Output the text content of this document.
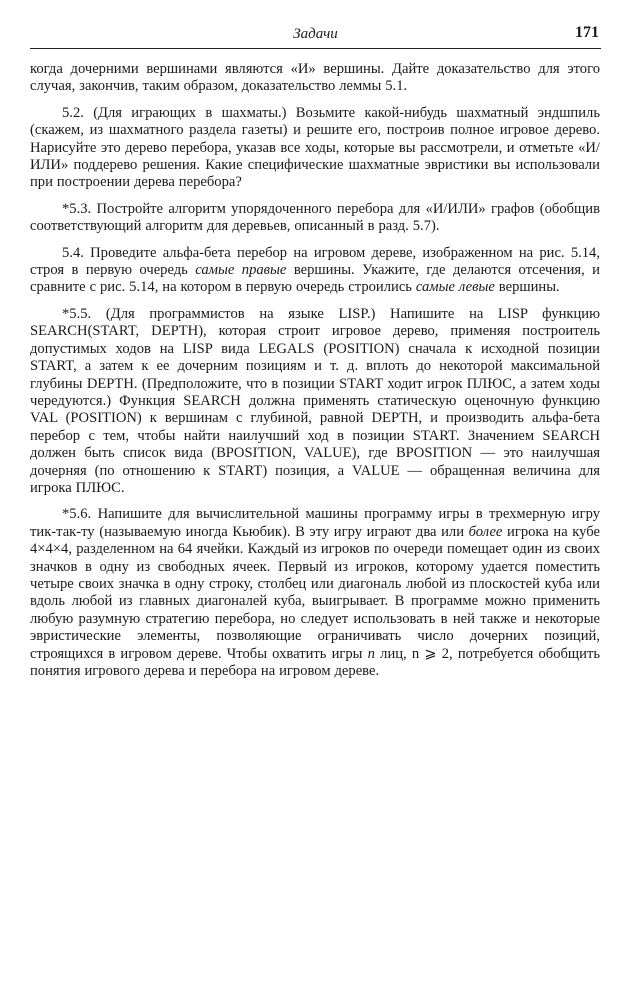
Задачи	171

когда дочерними вершинами являются «И» вершины. Дайте доказательство для этого случая, закончив, таким образом, доказательство леммы 5.1.

5.2. (Для играющих в шахматы.) Возьмите какой-нибудь шахматный эндшпиль (скажем, из шахматного раздела газеты) и решите его, построив полное игровое дерево. Нарисуйте это дерево перебора, указав все ходы, которые вы рассмотрели, и отметьте «И/ИЛИ» поддерево решения. Какие специфические шахматные эвристики вы использовали при построении дерева перебора?

*5.3. Постройте алгоритм упорядоченного перебора для «И/ИЛИ» графов (обобщив соответствующий алгоритм для деревьев, описанный в разд. 5.7).

5.4. Проведите альфа-бета перебор на игровом дереве, изображенном на рис. 5.14, строя в первую очередь самые правые вершины. Укажите, где делаются отсечения, и сравните с рис. 5.14, на котором в первую очередь строились самые левые вершины.

*5.5. (Для программистов на языке LISP.) Напишите на LISP функцию SEARCH(START, DEPTH), которая строит игровое дерево, применяя построитель допустимых ходов на LISP вида LEGALS (POSITION) сначала к исходной позиции START, а затем к ее дочерним позициям и т. д. вплоть до некоторой максимальной глубины DEPTH. (Предположите, что в позиции START ходит игрок ПЛЮС, а затем ходы чередуются.) Функция SEARCH должна применять статическую оценочную функцию VAL (POSITION) к вершинам с глубиной, равной DEPTH, и производить альфа-бета перебор с тем, чтобы найти наилучший ход в позиции START. Значением SEARCH должен быть список вида (BPOSITION, VALUE), где BPOSITION — это наилучшая дочерняя (по отношению к START) позиция, а VALUE — обращенная величина для игрока ПЛЮС.

*5.6. Напишите для вычислительной машины программу игры в трехмерную игру тик-так-ту (называемую иногда Кьюбик). В эту игру играют два или более игрока на кубе 4×4×4, разделенном на 64 ячейки. Каждый из игроков по очереди помещает один из своих значков в одну из свободных ячеек. Первый из игроков, которому удается поместить четыре своих значка в одну строку, столбец или диагональ любой из плоскостей куба или вдоль любой из главных диагоналей куба, выигрывает. В программе можно применить любую разумную стратегию перебора, но следует использовать в ней также и некоторые эвристические элементы, позволяющие ограничивать число дочерних позиций, строящихся в игровом дереве. Чтобы охватить игры n лиц, n ⩾ 2, потребуется обобщить понятия игрового дерева и перебора на игровом дереве.
